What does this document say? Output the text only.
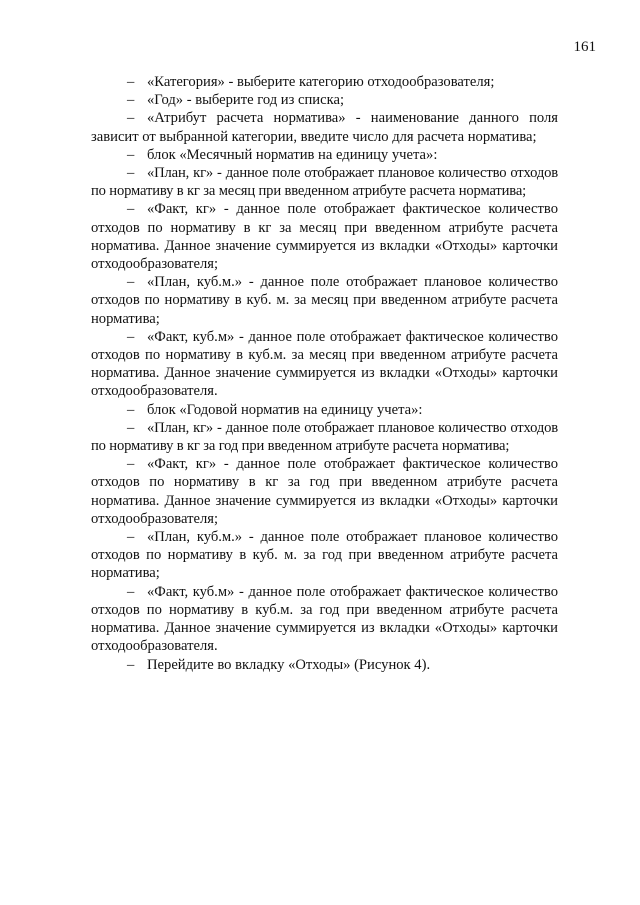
161

– «Категория» - выберите категорию отходообразователя;

– «Год» - выберите год из списка;

– «Атрибут расчета норматива» - наименование данного поля зависит от выбранной категории, введите число для расчета норматива;

– блок «Месячный норматив на единицу учета»:

– «План, кг» - данное поле отображает плановое количество отходов по нормативу в кг за месяц при введенном атрибуте расчета норматива;

– «Факт, кг» - данное поле отображает фактическое количество отходов по нормативу в кг за месяц при введенном атрибуте расчета норматива. Данное значение суммируется из вкладки «Отходы» карточки отходообразователя;

– «План, куб.м.» - данное поле отображает плановое количество отходов по нормативу в куб. м. за месяц при введенном атрибуте расчета норматива;

– «Факт, куб.м» - данное поле отображает фактическое количество отходов по нормативу в куб.м. за месяц при введенном атрибуте расчета норматива. Данное значение суммируется из вкладки «Отходы» карточки отходообразователя.

– блок «Годовой норматив на единицу учета»:

– «План, кг» - данное поле отображает плановое количество отходов по нормативу в кг за год при введенном атрибуте расчета норматива;

– «Факт, кг» - данное поле отображает фактическое количество отходов по нормативу в кг за год при введенном атрибуте расчета норматива. Данное значение суммируется из вкладки «Отходы» карточки отходообразователя;

– «План, куб.м.» - данное поле отображает плановое количество отходов по нормативу в куб. м. за год при введенном атрибуте расчета норматива;

– «Факт, куб.м» - данное поле отображает фактическое количество отходов по нормативу в куб.м. за год при введенном атрибуте расчета норматива. Данное значение суммируется из вкладки «Отходы» карточки отходообразователя.

– Перейдите во вкладку «Отходы» (Рисунок 4).
